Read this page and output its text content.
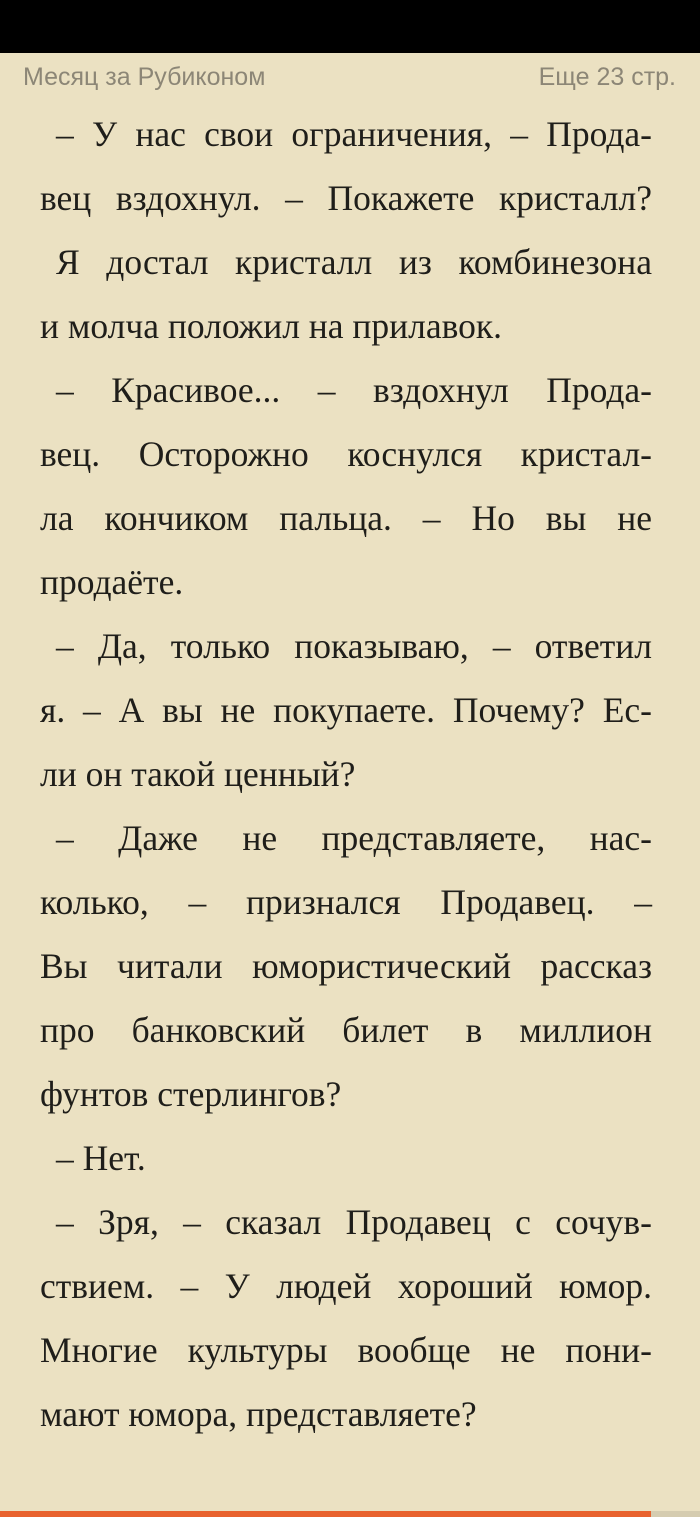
Месяц за Рубиконом	Еще 23 стр.
– У нас свои ограничения, – Прода-
вец вздохнул. – Покажете кристалл?
Я достал кристалл из комбинезона
и молча положил на прилавок.
– Красивое... – вздохнул Прода-
вец. Осторожно коснулся кристал-
ла кончиком пальца. – Но вы не
продаёте.
– Да, только показываю, – ответил
я. – А вы не покупаете. Почему? Ес-
ли он такой ценный?
– Даже не представляете, нас-
колько, – признался Продавец. –
Вы читали юмористический рассказ
про банковский билет в миллион
фунтов стерлингов?
– Нет.
– Зря, – сказал Продавец с сочув-
ствием. – У людей хороший юмор.
Многие культуры вообще не пони-
мают юмора, представляете?
